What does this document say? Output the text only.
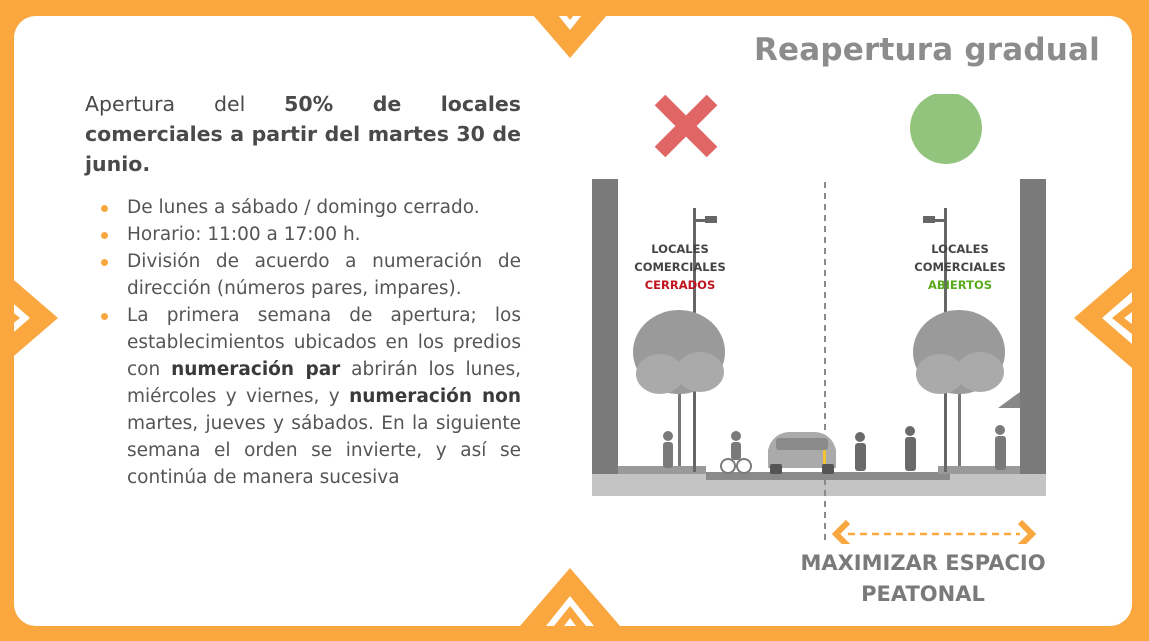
Reapertura gradual
Apertura del 50% de locales comerciales a partir del martes 30 de junio.
De lunes a sábado / domingo cerrado.
Horario: 11:00 a 17:00 h.
División de acuerdo a numeración de dirección (números pares, impares).
La primera semana de apertura; los establecimientos ubicados en los predios con numeración par abrirán los lunes, miércoles y viernes, y numeración non martes, jueves y sábados. En la siguiente semana el orden se invierte, y así se continúa de manera sucesiva
LOCALES
COMERCIALES
CERRADOS
LOCALES
COMERCIALES
ABIERTOS
MAXIMIZAR ESPACIO
PEATONAL
